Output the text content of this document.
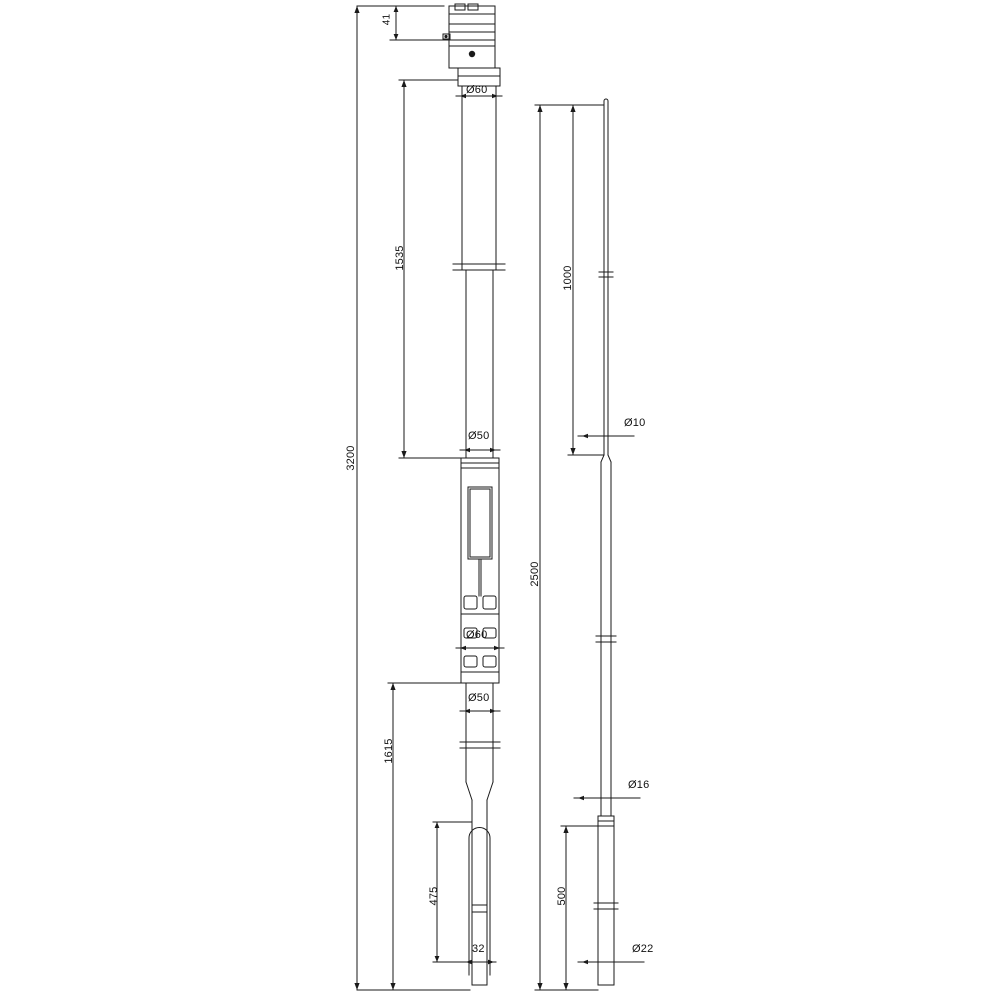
3200
41
1535
1615
475
32
Ø60
Ø50
Ø60
Ø50
2500
1000
500
Ø10
Ø16
Ø22
